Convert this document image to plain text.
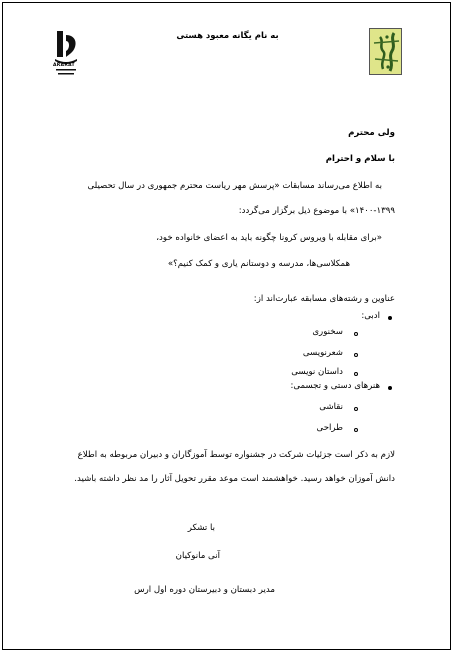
به نام یگانه معبود هستی
ARARAT
ولی محترم
با سلام و احترام
به اطلاع می‌رساند مسابقات «پرسش مهر ریاست محترم جمهوری در سال تحصیلی
۱۴۰۰-۱۳۹۹» با موضوع ذیل برگزار می‌گردد:
«برای مقابله با ویروس کرونا چگونه باید به اعضای خانواده خود،
همکلاسی‌ها، مدرسه و دوستانم یاری و کمک کنیم؟»
عناوین و رشته‌های مسابقه عبارت‌اند از:
ادبی:
سخنوری
شعرنویسی
داستان نویسی
هنرهای دستی و تجسمی:
نقاشی
طراحی
لازم به ذکر است جزئیات شرکت در جشنواره توسط آموزگاران و دبیران مربوطه به اطلاع
دانش آموزان خواهد رسید. خواهشمند است موعد مقرر تحویل آثار را مد نظر داشته باشید.
با تشکر
آنی مانوکیان
مدیر دبستان و دبیرستان دوره اول ارس
